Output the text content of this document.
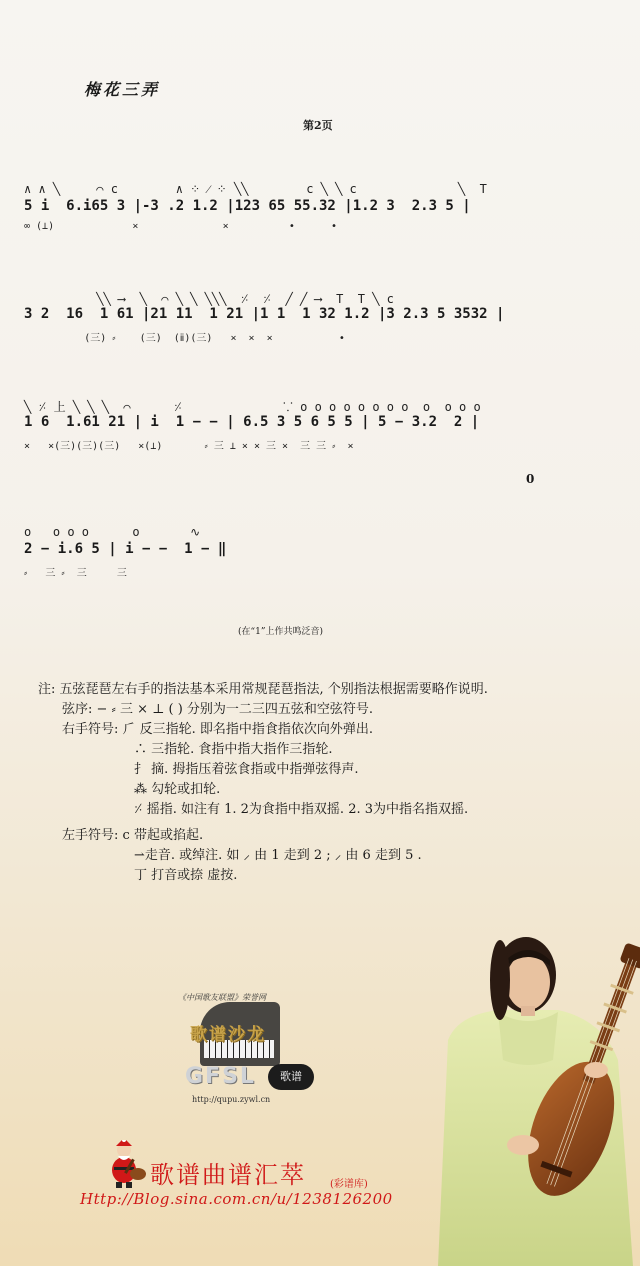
梅花三弄
第2页
∧ ∧ ╲     ⌒ c        ∧ ⁘ ⁄ ⁘ ╲╲        c ╲ ╲ c              ╲  T
5 i  6.i65 3 |-3 .2 1.2 |123 65 55.32 |1.2 3  2.3 5 |
∞ (⊥)             ×              ×          •      •
╲╲ ⟶  ╲  ⌒ ╲ ╲ ╲╲╲  ⸓  ⸓  ╱ ╱ ⟶  T  T ╲ c
3 2  16  1 61 |21 11  1 21 |1 1  1 32 1.2 |3 2.3 5 3532 |
(三) ⸗    (三)  (ⅱ)(三)   ×  ×  ×           •
╲ ⸓ 上 ╲ ╲ ╲  ⌒      ⸓              ⸪ o o o o o o o o  o  o o o
1 6  1.61 21 | i  1 − − | 6.5 3 5 6 5 5 | 5 − 3.2  2 |
×   ×(三)(三)(三)   ×(⊥)       ⸗ 三 ⊥ × × 三 ×  三 三 ⸗  ×
0
o   o o o      o       ∿
2 − i.6 5 | i − −  1 − ‖
⸗   三 ⸗  三     三
(在“1”上作共鸣泛音)
注: 五弦琵琶左右手的指法基本采用常规琵琶指法, 个别指法根据需要略作说明.
弦序: − ⸗ 三 × ⊥ ( ) 分别为一二三四五弦和空弦符号.
右手符号: ⺁ 反三指轮. 即名指中指食指依次向外弹出.
∴ 三指轮. 食指中指大指作三指轮.
扌 摘. 拇指压着弦食指或中指弹弦得声.
⁂ 勾轮或扣轮.
⸓ 摇指. 如注有 1. 2为食指中指双摇. 2. 3为中指名指双摇.
左手符号: c 带起或掐起.
⇀走音. 或绰注. 如 ⸝ 由 1 走到 2 ; ⸝ 由 6 走到 5 .
丁 打音或捺 虚按.
《中国歌友联盟》荣誉网
歌谱沙龙
GFSL	歌谱
http://qupu.zywl.cn
歌谱曲谱汇萃 (彩谱库)
Http://Blog.sina.com.cn/u/1238126200
